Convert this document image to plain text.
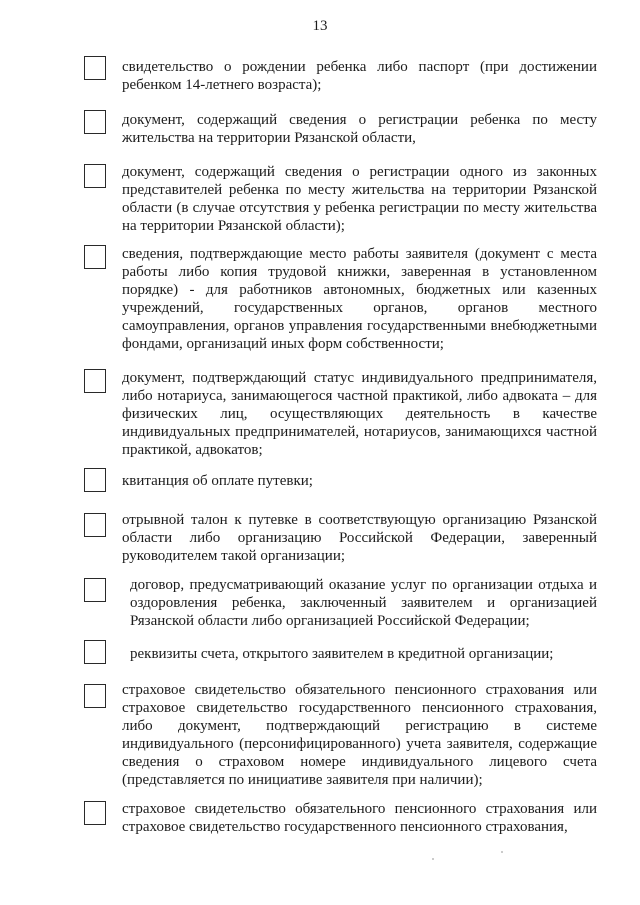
13

свидетельство о рождении ребенка либо паспорт (при достижении ребенком 14-летнего возраста);

документ, содержащий сведения о регистрации ребенка по месту жительства на территории Рязанской области,

документ, содержащий сведения о регистрации одного из законных представителей ребенка по месту жительства на территории Рязанской области (в случае отсутствия у ребенка регистрации по месту жительства на территории Рязанской области);

сведения, подтверждающие место работы заявителя (документ с места работы либо копия трудовой книжки, заверенная в установленном порядке) - для работников автономных, бюджетных или казенных учреждений, государственных органов, органов местного самоуправления, органов управления государственными внебюджетными фондами, организаций иных форм собственности;

документ, подтверждающий статус индивидуального предпринимателя, либо нотариуса, занимающегося частной практикой, либо адвоката – для физических лиц, осуществляющих деятельность в качестве индивидуальных предпринимателей, нотариусов, занимающихся частной практикой, адвокатов;

квитанция об оплате путевки;

отрывной талон к путевке в соответствующую организацию Рязанской области либо организацию Российской Федерации, заверенный руководителем такой организации;

договор, предусматривающий оказание услуг по организации отдыха и оздоровления ребенка, заключенный заявителем и организацией Рязанской области либо организацией Российской Федерации;

реквизиты счета, открытого заявителем в кредитной организации;

страховое свидетельство обязательного пенсионного страхования или страховое свидетельство государственного пенсионного страхования, либо документ, подтверждающий регистрацию в системе индивидуального (персонифицированного) учета заявителя, содержащие сведения о страховом номере индивидуального лицевого счета (представляется по инициативе заявителя при наличии);

страховое свидетельство обязательного пенсионного страхования или страховое свидетельство государственного пенсионного страхования,
